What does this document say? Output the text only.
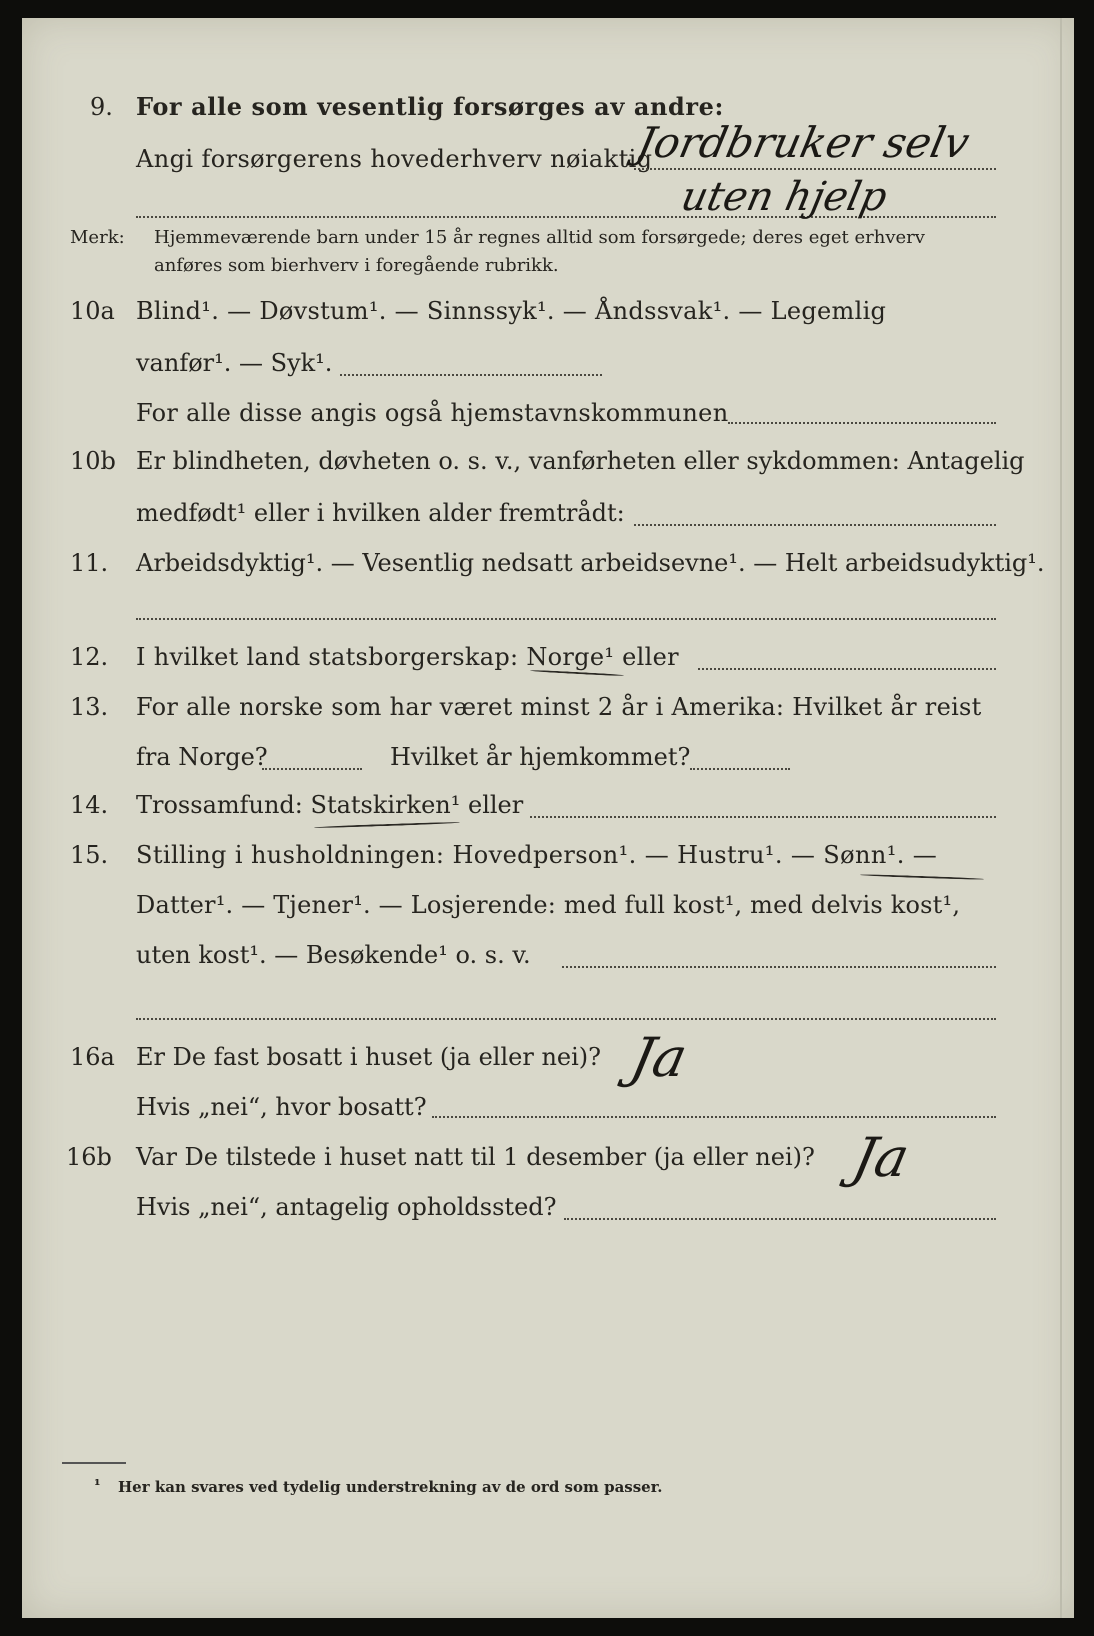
9. For alle som vesentlig forsørges av andre:
Angi forsørgerens hovederhverv nøiaktig
Jordbruker selv
uten hjelp
Merk: Hjemmeværende barn under 15 år regnes alltid som forsørgede; deres eget erhverv
anføres som bierhverv i foregående rubrikk.
10a Blind¹. — Døvstum¹. — Sinnssyk¹. — Åndssvak¹. — Legemlig
vanfør¹. — Syk¹.
For alle disse angis også hjemstavnskommunen
10b Er blindheten, døvheten o. s. v., vanførheten eller sykdommen: Antagelig
medfødt¹ eller i hvilken alder fremtrådt:
11. Arbeidsdyktig¹. — Vesentlig nedsatt arbeidsevne¹. — Helt arbeidsudyktig¹.
12. I hvilket land statsborgerskap: Norge¹ eller
13. For alle norske som har været minst 2 år i Amerika: Hvilket år reist
fra Norge?	Hvilket år hjemkommet?
14. Trossamfund: Statskirken¹ eller
15. Stilling i husholdningen: Hovedperson¹. — Hustru¹. — Sønn¹. —
Datter¹. — Tjener¹. — Losjerende: med full kost¹, med delvis kost¹,
uten kost¹. — Besøkende¹ o. s. v.
16a Er De fast bosatt i huset (ja eller nei)? Ja
Hvis „nei“, hvor bosatt?
16b Var De tilstede i huset natt til 1 desember (ja eller nei)? Ja
Hvis „nei“, antagelig opholdssted?
¹ Her kan svares ved tydelig understrekning av de ord som passer.
